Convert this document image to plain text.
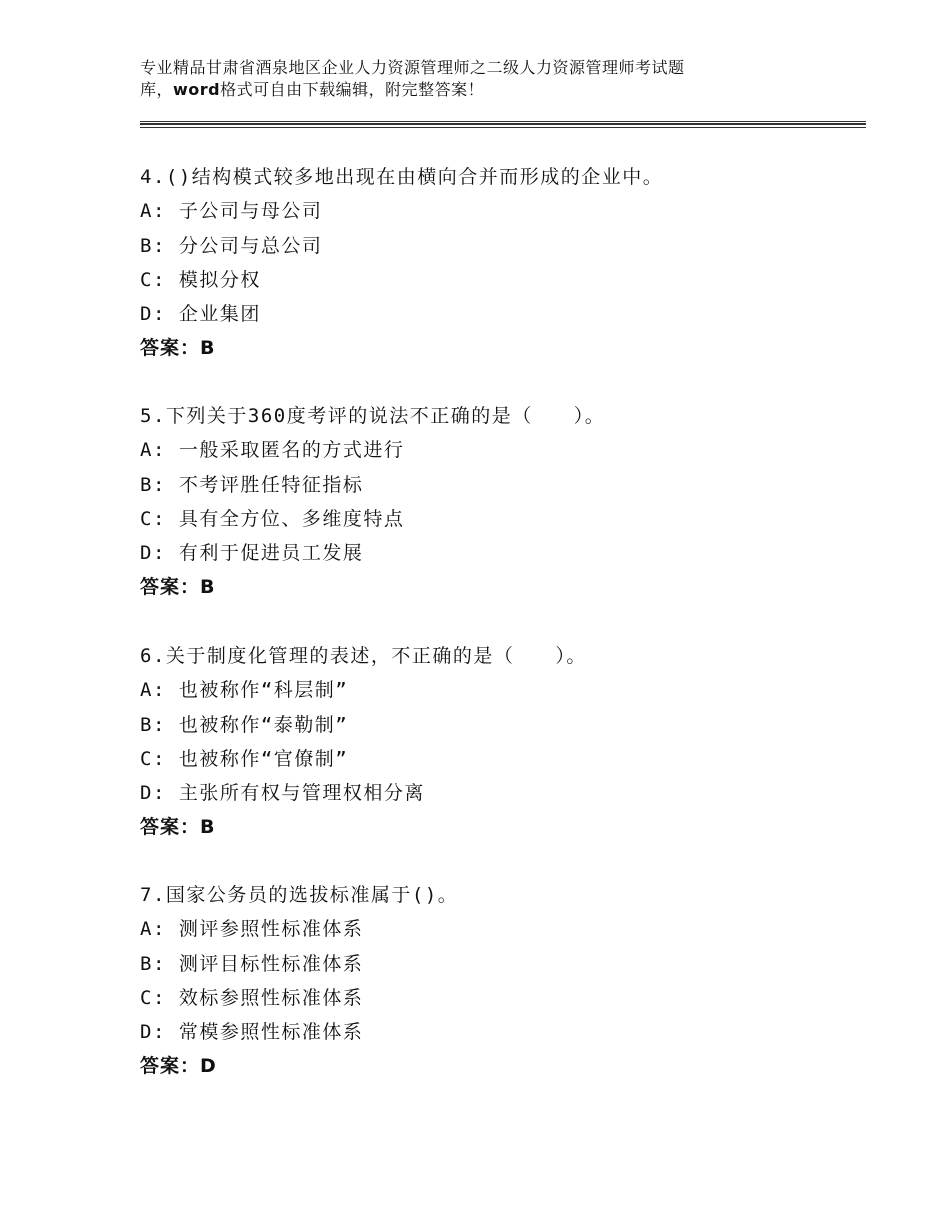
专业精品甘肃省酒泉地区企业人力资源管理师之二级人力资源管理师考试题
库，word格式可自由下载编辑，附完整答案！
4.()结构模式较多地出现在由横向合并而形成的企业中。
A: 子公司与母公司
B: 分公司与总公司
C: 模拟分权
D: 企业集团
答案：B
5.下列关于360度考评的说法不正确的是（　　）。
A: 一般采取匿名的方式进行
B: 不考评胜任特征指标
C: 具有全方位、多维度特点
D: 有利于促进员工发展
答案：B
6.关于制度化管理的表述，不正确的是（　　）。
A: 也被称作“科层制”
B: 也被称作“泰勒制”
C: 也被称作“官僚制”
D: 主张所有权与管理权相分离
答案：B
7.国家公务员的选拔标准属于()。
A: 测评参照性标准体系
B: 测评目标性标准体系
C: 效标参照性标准体系
D: 常模参照性标准体系
答案：D
